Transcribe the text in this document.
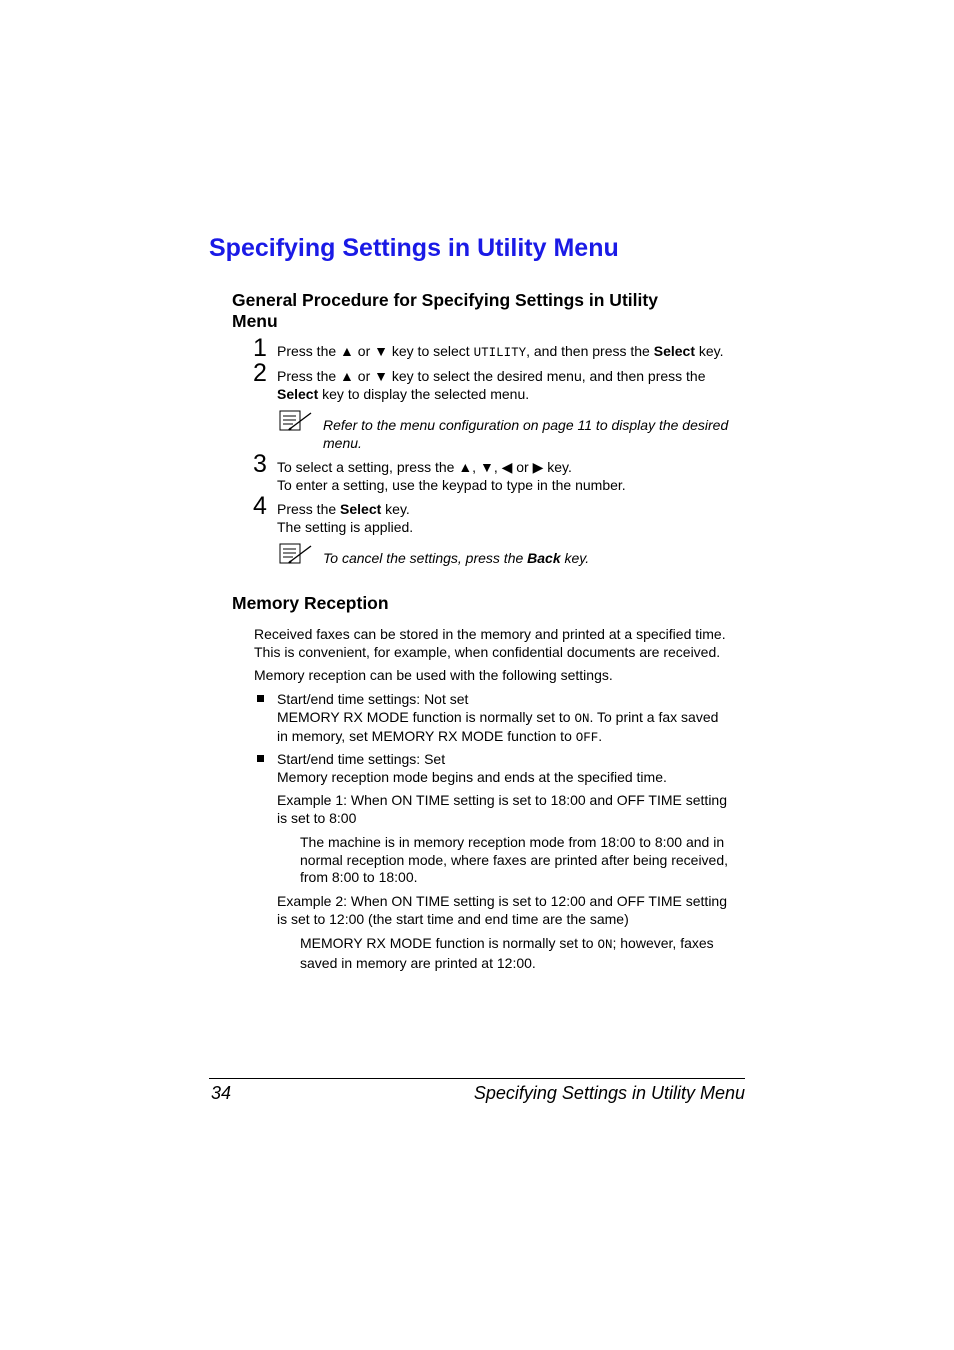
Specifying Settings in Utility Menu
General Procedure for Specifying Settings in Utility
Menu
1 Press the ▲ or ▼ key to select UTILITY, and then press the Select key.
2 Press the ▲ or ▼ key to select the desired menu, and then press the
Select key to display the selected menu.
Refer to the menu configuration on page 11 to display the desired
menu.
3 To select a setting, press the ▲, ▼, ◀ or ▶ key.
To enter a setting, use the keypad to type in the number.
4 Press the Select key.
The setting is applied.
To cancel the settings, press the Back key.
Memory Reception
Received faxes can be stored in the memory and printed at a specified time.
This is convenient, for example, when confidential documents are received.
Memory reception can be used with the following settings.
Start/end time settings: Not set
MEMORY RX MODE function is normally set to ON. To print a fax saved
in memory, set MEMORY RX MODE function to OFF.
Start/end time settings: Set
Memory reception mode begins and ends at the specified time.
Example 1: When ON TIME setting is set to 18:00 and OFF TIME setting
is set to 8:00
The machine is in memory reception mode from 18:00 to 8:00 and in
normal reception mode, where faxes are printed after being received,
from 8:00 to 18:00.
Example 2: When ON TIME setting is set to 12:00 and OFF TIME setting
is set to 12:00 (the start time and end time are the same)
MEMORY RX MODE function is normally set to ON; however, faxes
saved in memory are printed at 12:00.
34	Specifying Settings in Utility Menu
